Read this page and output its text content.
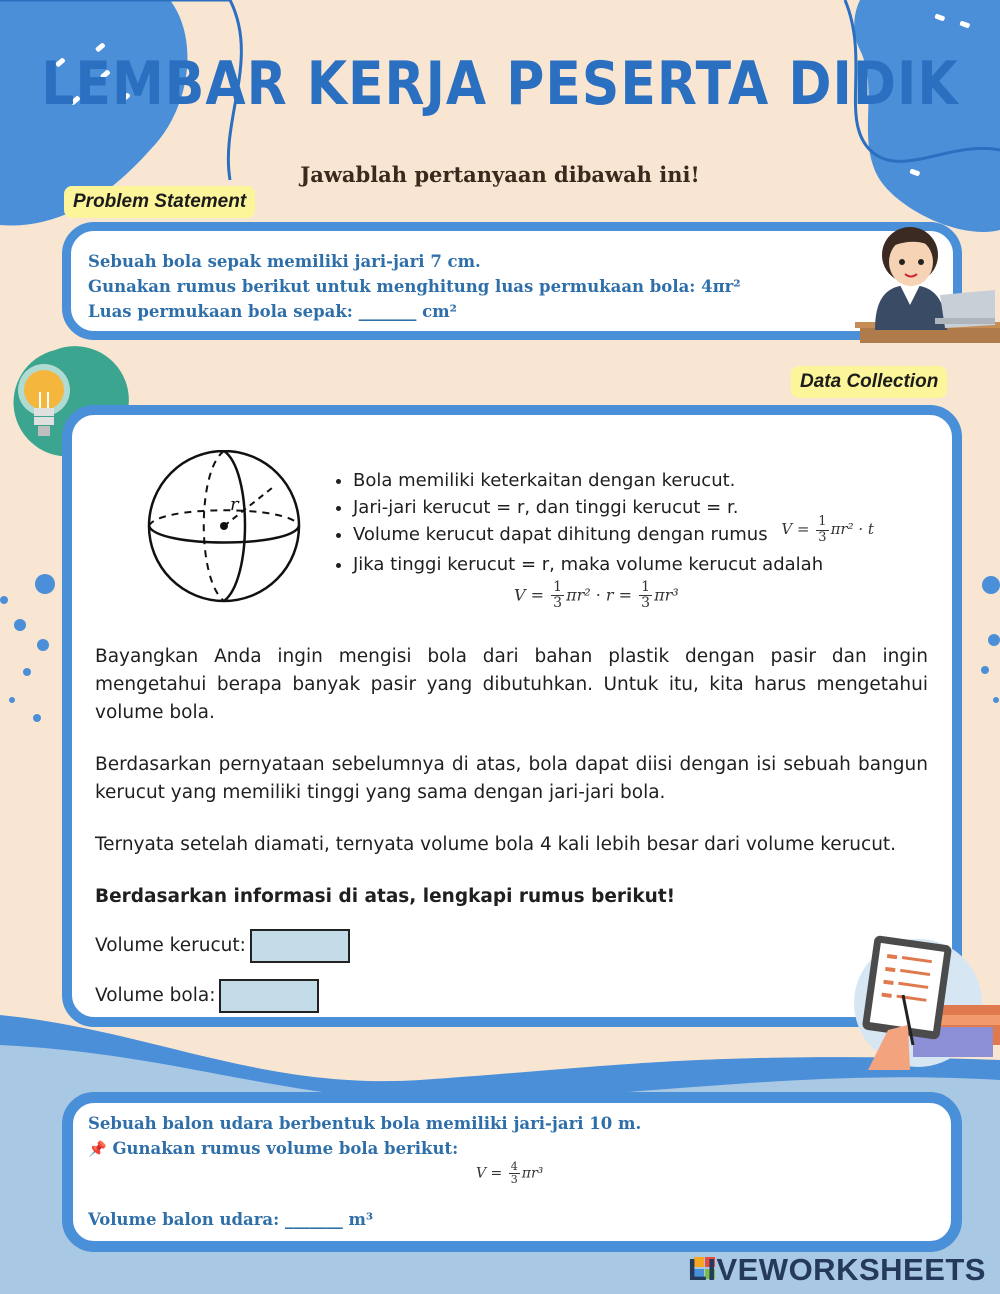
LEMBAR KERJA PESERTA DIDIK
Jawablah pertanyaan dibawah ini!
Problem Statement
Sebuah bola sepak memiliki jari-jari 7 cm.
Gunakan rumus berikut untuk menghitung luas permukaan bola: 4πr²
Luas permukaan bola sepak: _______ cm²
Data Collection
r
• Bola memiliki keterkaitan dengan kerucut.
• Jari-jari kerucut = r, dan tinggi kerucut = r.
• Volume kerucut dapat dihitung dengan rumus $^{V = \frac{1}{3} \pi r^2 \cdot t}$
• Jika tinggi kerucut = r, maka volume kerucut adalah
$V = \frac{1}{3} \pi r^2 \cdot r = \frac{1}{3} \pi r^3$

Bayangkan Anda ingin mengisi bola dari bahan plastik dengan pasir dan ingin mengetahui berapa banyak pasir yang dibutuhkan. Untuk itu, kita harus mengetahui volume bola.

Berdasarkan pernyataan sebelumnya di atas, bola dapat diisi dengan isi sebuah bangun kerucut yang memiliki tinggi yang sama dengan jari-jari bola.

Ternyata setelah diamati, ternyata volume bola 4 kali lebih besar dari volume kerucut.

Berdasarkan informasi di atas, lengkapi rumus berikut!

Volume kerucut:
Volume bola:
Sebuah balon udara berbentuk bola memiliki jari-jari 10 m.
📌 Gunakan rumus volume bola berikut:
$V = \frac{4}{3} \pi r^3$
Volume balon udara: _______ m³
LIVEWORKSHEETS
